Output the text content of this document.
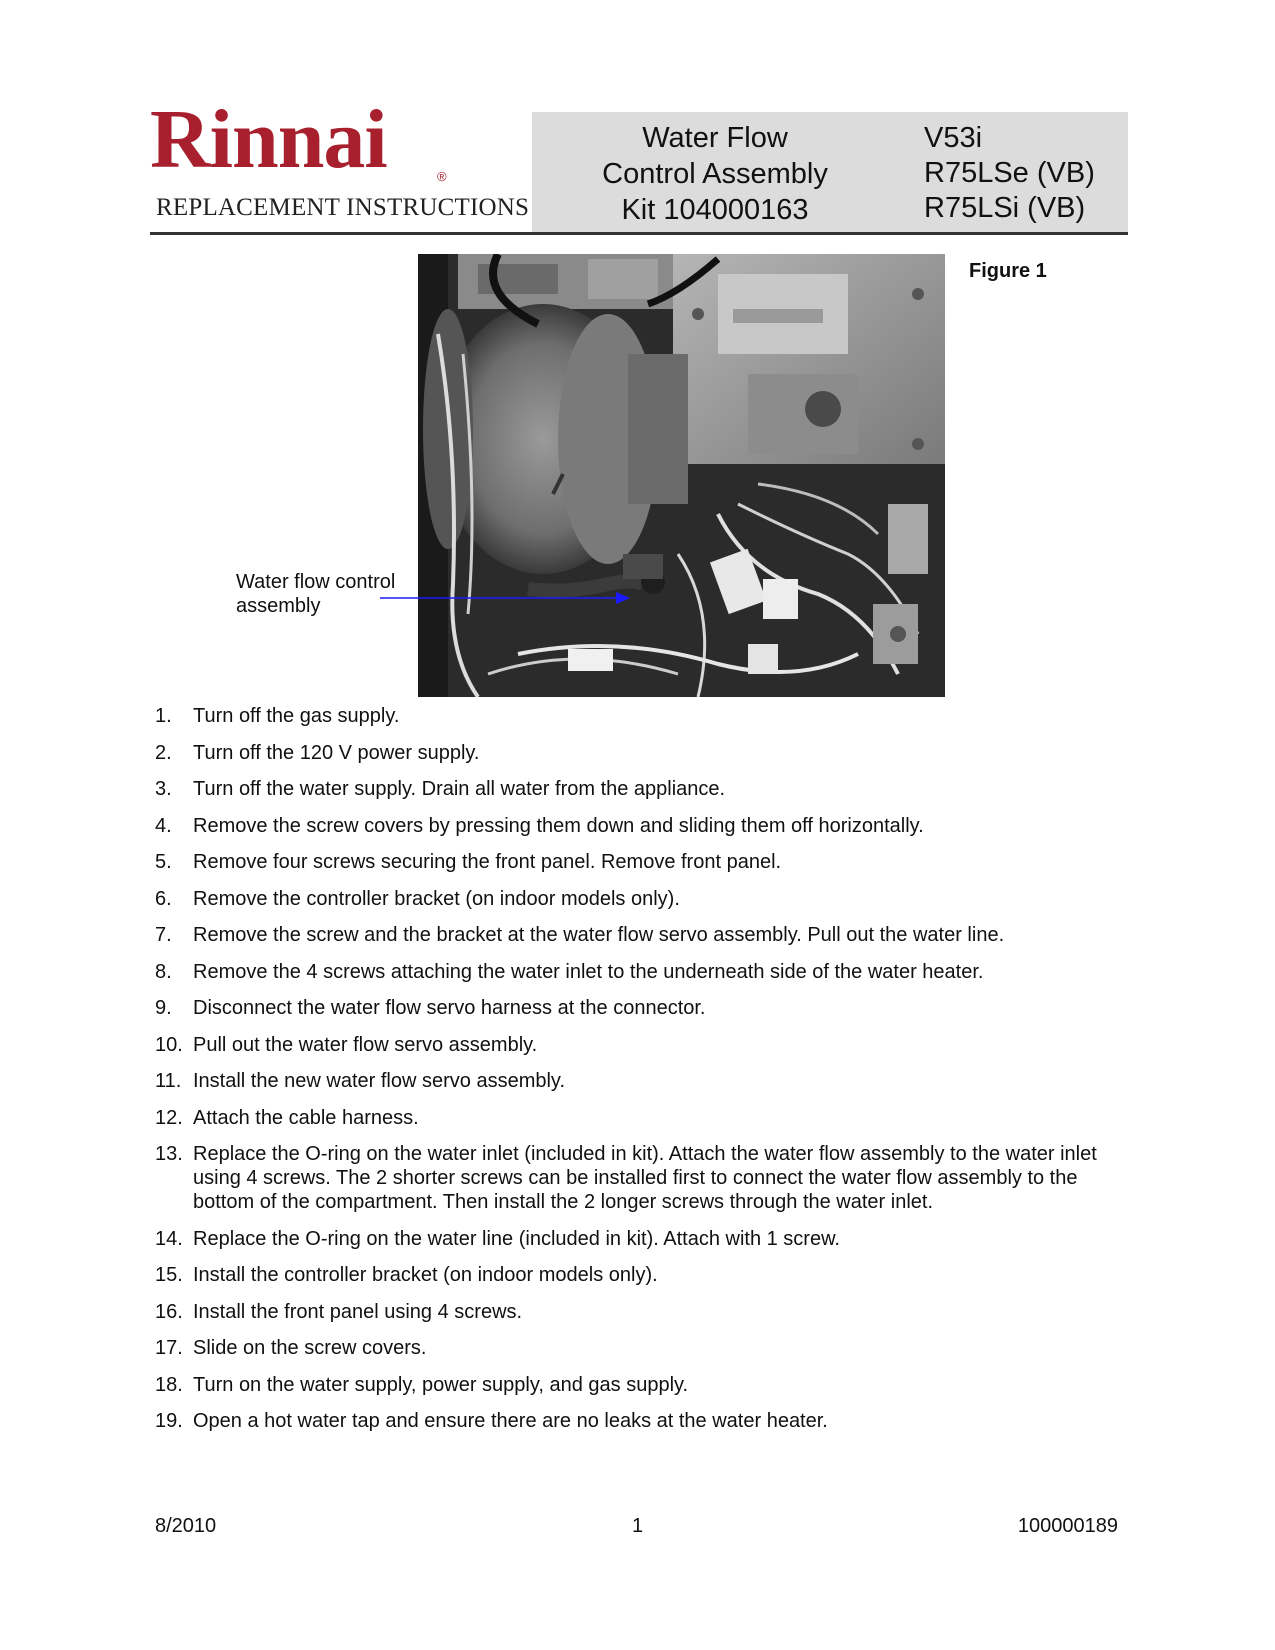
Rinnai	®
REPLACEMENT INSTRUCTIONS
Water Flow
Control Assembly
Kit 104000163
V53i
R75LSe (VB)
R75LSi (VB)
Figure 1
Water flow control
assembly
1. Turn off the gas supply.
2. Turn off the 120 V power supply.
3. Turn off the water supply. Drain all water from the appliance.
4. Remove the screw covers by pressing them down and sliding them off horizontally.
5. Remove four screws securing the front panel. Remove front panel.
6. Remove the controller bracket (on indoor models only).
7. Remove the screw and the bracket at the water flow servo assembly. Pull out the water line.
8. Remove the 4 screws attaching the water inlet to the underneath side of the water heater.
9. Disconnect the water flow servo harness at the connector.
10. Pull out the water flow servo assembly.
11. Install the new water flow servo assembly.
12. Attach the cable harness.
13. Replace the O-ring on the water inlet (included in kit). Attach the water flow assembly to the water inlet using 4 screws. The 2 shorter screws can be installed first to connect the water flow assembly to the bottom of the compartment. Then install the 2 longer screws through the water inlet.
14. Replace the O-ring on the water line (included in kit). Attach with 1 screw.
15. Install the controller bracket (on indoor models only).
16. Install the front panel using 4 screws.
17. Slide on the screw covers.
18. Turn on the water supply, power supply, and gas supply.
19. Open a hot water tap and ensure there are no leaks at the water heater.
8/2010	1	100000189
